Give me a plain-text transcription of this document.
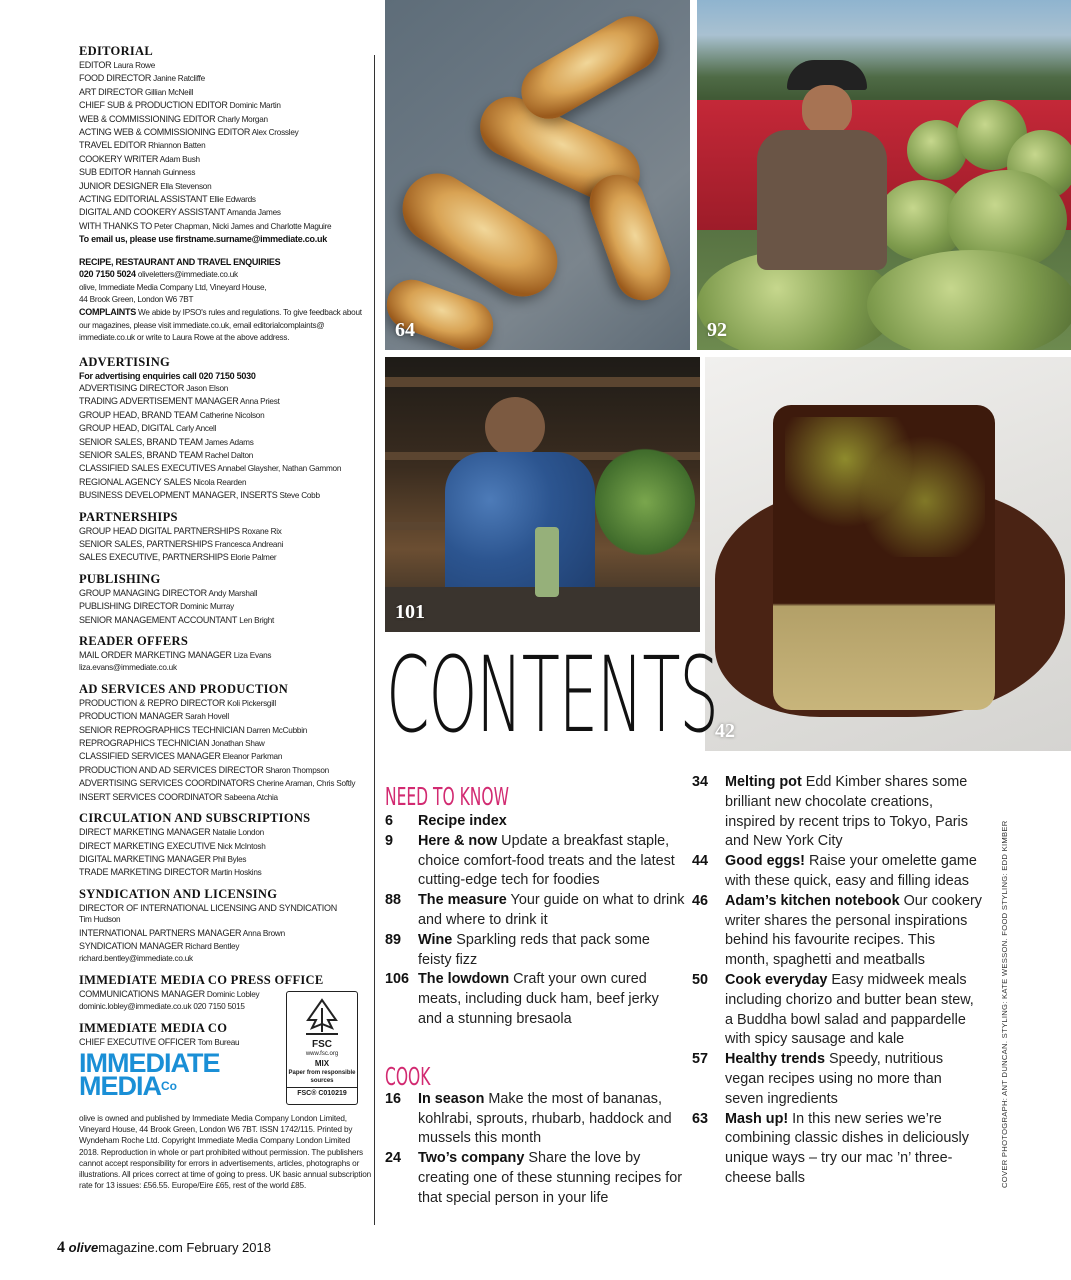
EDITORIAL
EDITOR Laura Rowe
FOOD DIRECTOR Janine Ratcliffe
ART DIRECTOR Gillian McNeill
CHIEF SUB & PRODUCTION EDITOR Dominic Martin
WEB & COMMISSIONING EDITOR Charly Morgan
ACTING WEB & COMMISSIONING EDITOR Alex Crossley
TRAVEL EDITOR Rhiannon Batten
COOKERY WRITER Adam Bush
SUB EDITOR Hannah Guinness
JUNIOR DESIGNER Ella Stevenson
ACTING EDITORIAL ASSISTANT Ellie Edwards
DIGITAL AND COOKERY ASSISTANT Amanda James
WITH THANKS TO Peter Chapman, Nicki James and Charlotte Maguire
To email us, please use firstname.surname@immediate.co.uk
RECIPE, RESTAURANT AND TRAVEL ENQUIRIES
020 7150 5024 oliveletters@immediate.co.uk
olive, Immediate Media Company Ltd, Vineyard House,
44 Brook Green, London W6 7BT
COMPLAINTS We abide by IPSO's rules and regulations. To give feedback about our magazines, please visit immediate.co.uk, email editorialcomplaints@ immediate.co.uk or write to Laura Rowe at the above address.
ADVERTISING
For advertising enquiries call 020 7150 5030
ADVERTISING DIRECTOR Jason Elson
TRADING ADVERTISEMENT MANAGER Anna Priest
GROUP HEAD, BRAND TEAM Catherine Nicolson
GROUP HEAD, DIGITAL Carly Ancell
SENIOR SALES, BRAND TEAM James Adams
SENIOR SALES, BRAND TEAM Rachel Dalton
CLASSIFIED SALES EXECUTIVES Annabel Glaysher, Nathan Gammon
REGIONAL AGENCY SALES Nicola Rearden
BUSINESS DEVELOPMENT MANAGER, INSERTS Steve Cobb
PARTNERSHIPS
GROUP HEAD DIGITAL PARTNERSHIPS Roxane Rix
SENIOR SALES, PARTNERSHIPS Francesca Andreani
SALES EXECUTIVE, PARTNERSHIPS Elorie Palmer
PUBLISHING
GROUP MANAGING DIRECTOR Andy Marshall
PUBLISHING DIRECTOR Dominic Murray
SENIOR MANAGEMENT ACCOUNTANT Len Bright
READER OFFERS
MAIL ORDER MARKETING MANAGER Liza Evans
liza.evans@immediate.co.uk
AD SERVICES AND PRODUCTION
PRODUCTION & REPRO DIRECTOR Koli Pickersgill
PRODUCTION MANAGER Sarah Hovell
SENIOR REPROGRAPHICS TECHNICIAN Darren McCubbin
REPROGRAPHICS TECHNICIAN Jonathan Shaw
CLASSIFIED SERVICES MANAGER Eleanor Parkman
PRODUCTION AND AD SERVICES DIRECTOR Sharon Thompson
ADVERTISING SERVICES COORDINATORS Cherine Araman, Chris Softly
INSERT SERVICES COORDINATOR Sabeena Atchia
CIRCULATION AND SUBSCRIPTIONS
DIRECT MARKETING MANAGER Natalie London
DIRECT MARKETING EXECUTIVE Nick McIntosh
DIGITAL MARKETING MANAGER Phil Byles
TRADE MARKETING DIRECTOR Martin Hoskins
SYNDICATION AND LICENSING
DIRECTOR OF INTERNATIONAL LICENSING AND SYNDICATION
Tim Hudson
INTERNATIONAL PARTNERS MANAGER Anna Brown
SYNDICATION MANAGER Richard Bentley
richard.bentley@immediate.co.uk
IMMEDIATE MEDIA CO PRESS OFFICE
COMMUNICATIONS MANAGER Dominic Lobley
dominic.lobley@immediate.co.uk 020 7150 5015
IMMEDIATE MEDIA CO
CHIEF EXECUTIVE OFFICER Tom Bureau
IMMEDIATE
$MEDIA^{Co}$
FSC
www.fsc.org
MIX
Paper from responsible sources
FSC® C010219
olive is owned and published by Immediate Media Company London Limited, Vineyard House, 44 Brook Green, London W6 7BT. ISSN 1742/115. Printed by Wyndeham Roche Ltd. Copyright Immediate Media Company London Limited 2018. Reproduction in whole or part prohibited without permission. The publishers cannot accept responsibility for errors in advertisements, articles, photographs or illustrations. All prices correct at time of going to press. UK basic annual subscription rate for 13 issues: £56.55. Europe/Eire £65, rest of the world £85.
4 olivemagazine.com February 2018
64	92
101
42
CONTENTS
NEED TO KNOW
6 Recipe index
9 Here & now Update a breakfast staple, choice comfort-food treats and the latest cutting-edge tech for foodies
88 The measure Your guide on what to drink and where to drink it
89 Wine Sparkling reds that pack some feisty fizz
106 The lowdown Craft your own cured meats, including duck ham, beef jerky and a stunning bresaola
COOK
16 In season Make the most of bananas, kohlrabi, sprouts, rhubarb, haddock and mussels this month
24 Two’s company Share the love by creating one of these stunning recipes for that special person in your life
34 Melting pot Edd Kimber shares some brilliant new chocolate creations, inspired by recent trips to Tokyo, Paris and New York City
44 Good eggs! Raise your omelette game with these quick, easy and filling ideas
46 Adam’s kitchen notebook Our cookery writer shares the personal inspirations behind his favourite recipes. This month, spaghetti and meatballs
50 Cook everyday Easy midweek meals including chorizo and butter bean stew, a Buddha bowl salad and pappardelle with spicy sausage and kale
57 Healthy trends Speedy, nutritious vegan recipes using no more than seven ingredients
63 Mash up! In this new series we’re combining classic dishes in deliciously unique ways – try our mac ’n’ three-cheese balls	COVER PHOTOGRAPH: ANT DUNCAN. STYLING: KATE WESSON. FOOD STYLING: EDD KIMBER
